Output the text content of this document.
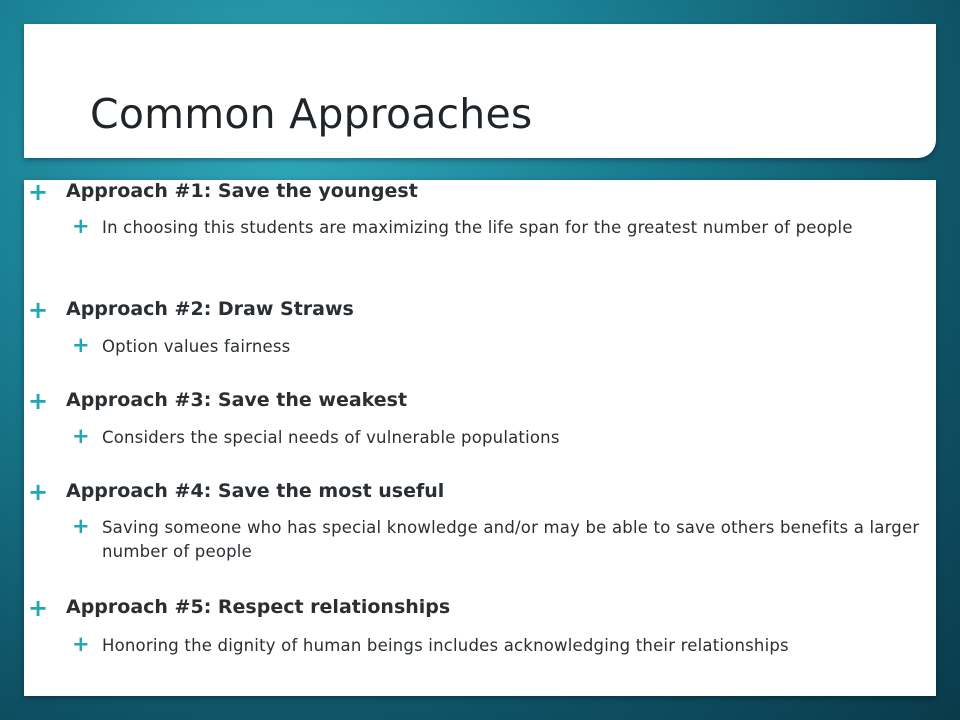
Common Approaches
+ Approach #1: Save the youngest
+ In choosing this students are maximizing the life span for the greatest number of people
+ Approach #2: Draw Straws
+ Option values fairness
+ Approach #3: Save the weakest
+ Considers the special needs of vulnerable populations
+ Approach #4: Save the most useful
+ Saving someone who has special knowledge and/or may be able to save others benefits a larger number of people
+ Approach #5: Respect relationships
+ Honoring the dignity of human beings includes acknowledging their relationships
